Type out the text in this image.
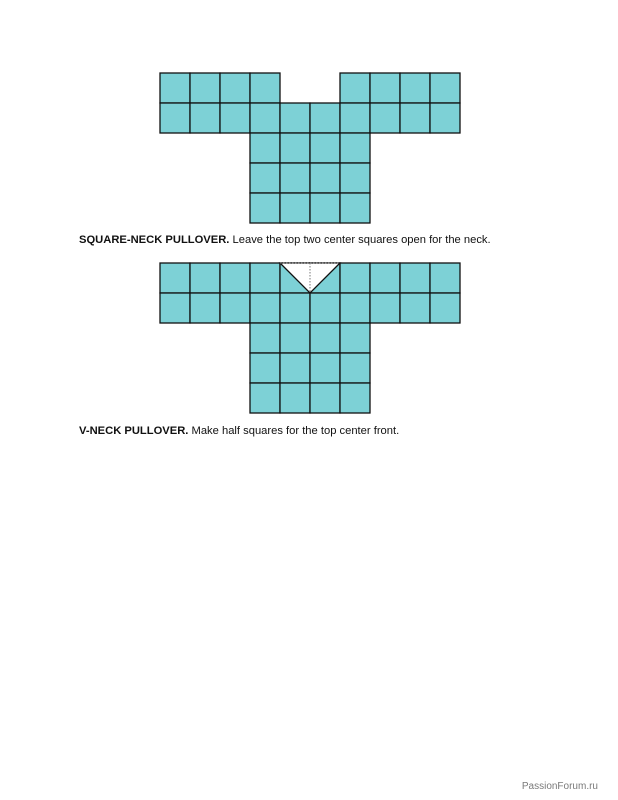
SQUARE-NECK PULLOVER. Leave the top two center squares open for the neck.

V-NECK PULLOVER. Make half squares for the top center front.

PassionForum.ru
